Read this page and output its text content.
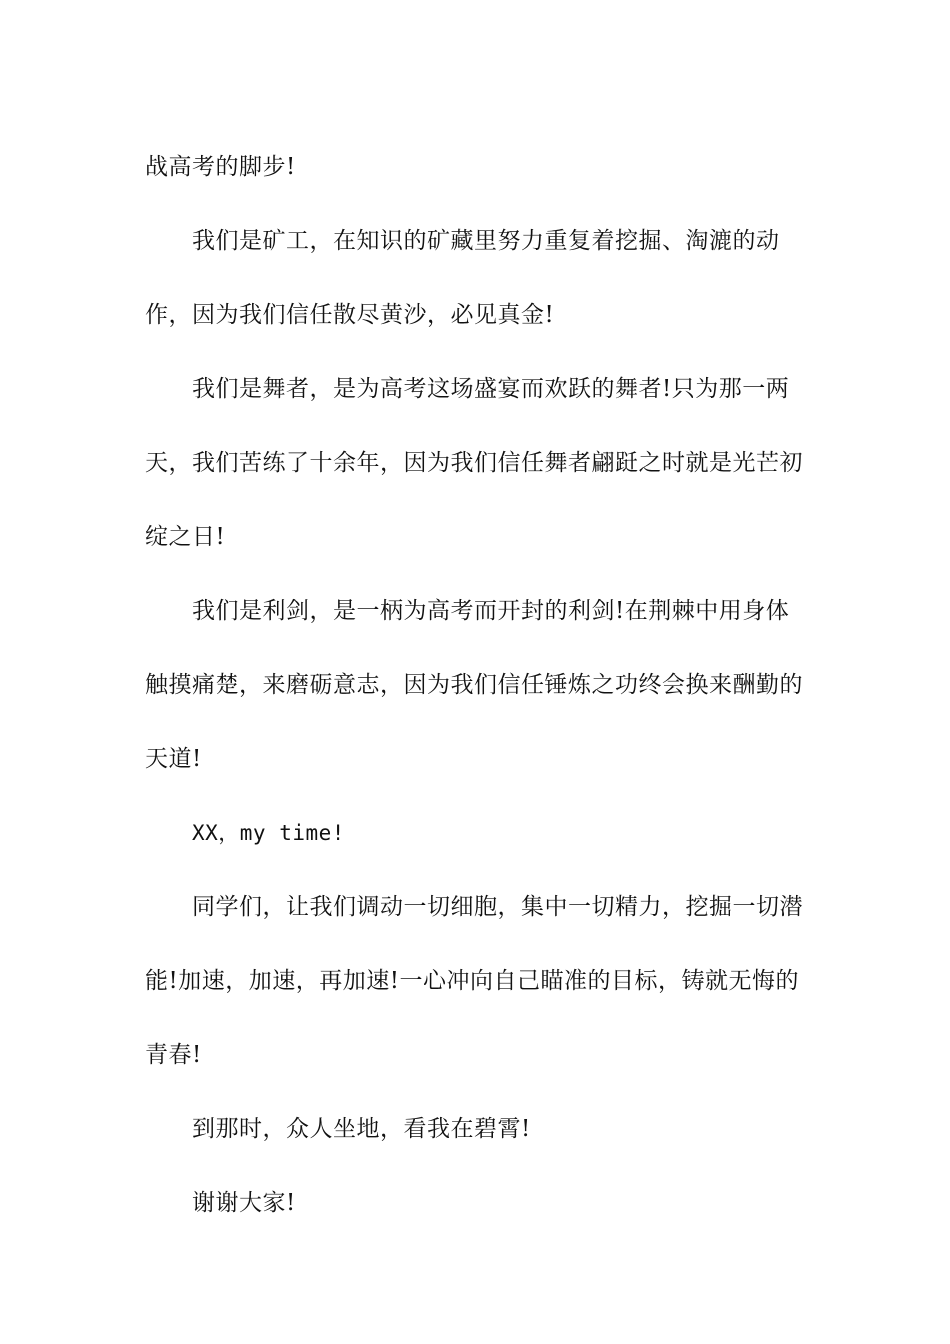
战高考的脚步!

我们是矿工，在知识的矿藏里努力重复着挖掘、淘漉的动作，因为我们信任散尽黄沙，必见真金!

我们是舞者，是为高考这场盛宴而欢跃的舞者!只为那一两天，我们苦练了十余年，因为我们信任舞者翩跹之时就是光芒初绽之日!

我们是利剑，是一柄为高考而开封的利剑!在荆棘中用身体触摸痛楚，来磨砺意志，因为我们信任锤炼之功终会换来酬勤的天道!

XX，my time!

同学们，让我们调动一切细胞，集中一切精力，挖掘一切潜能!加速，加速，再加速!一心冲向自己瞄准的目标，铸就无悔的青春!

到那时，众人坐地，看我在碧霄!

谢谢大家!
